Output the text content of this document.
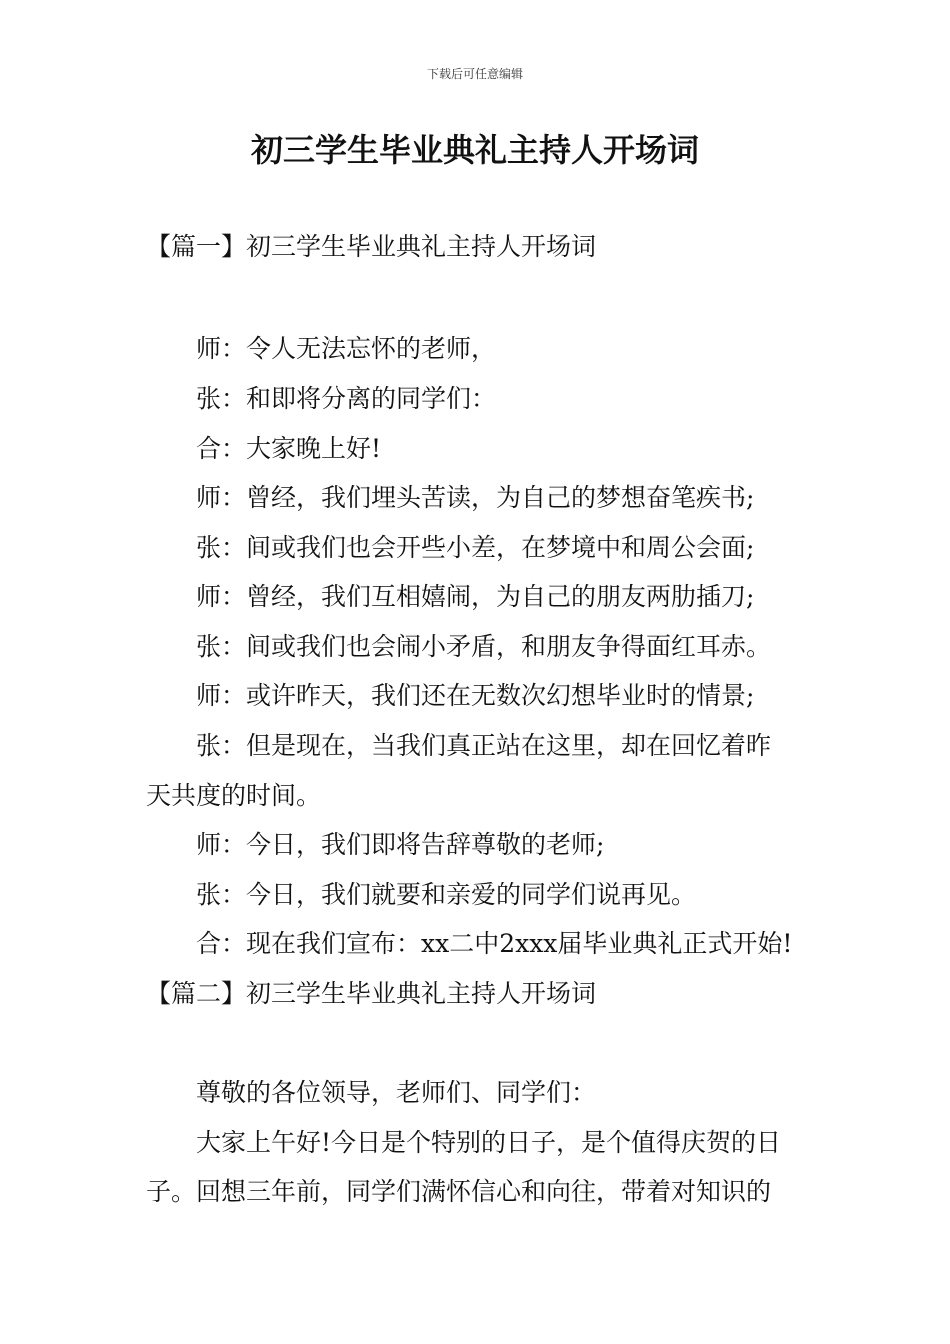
下载后可任意编辑
初三学生毕业典礼主持人开场词
【篇一】初三学生毕业典礼主持人开场词
师：令人无法忘怀的老师，
张：和即将分离的同学们：
合：大家晚上好!
师：曾经，我们埋头苦读，为自己的梦想奋笔疾书;
张：间或我们也会开些小差，在梦境中和周公会面;
师：曾经，我们互相嬉闹，为自己的朋友两肋插刀;
张：间或我们也会闹小矛盾，和朋友争得面红耳赤。
师：或许昨天，我们还在无数次幻想毕业时的情景;
张：但是现在，当我们真正站在这里，却在回忆着昨
天共度的时间。
师：今日，我们即将告辞尊敬的老师;
张：今日，我们就要和亲爱的同学们说再见。
合：现在我们宣布：xx二中2xxx届毕业典礼正式开始!
【篇二】初三学生毕业典礼主持人开场词
尊敬的各位领导，老师们、同学们：
大家上午好!今日是个特别的日子，是个值得庆贺的日
子。回想三年前，同学们满怀信心和向往，带着对知识的
